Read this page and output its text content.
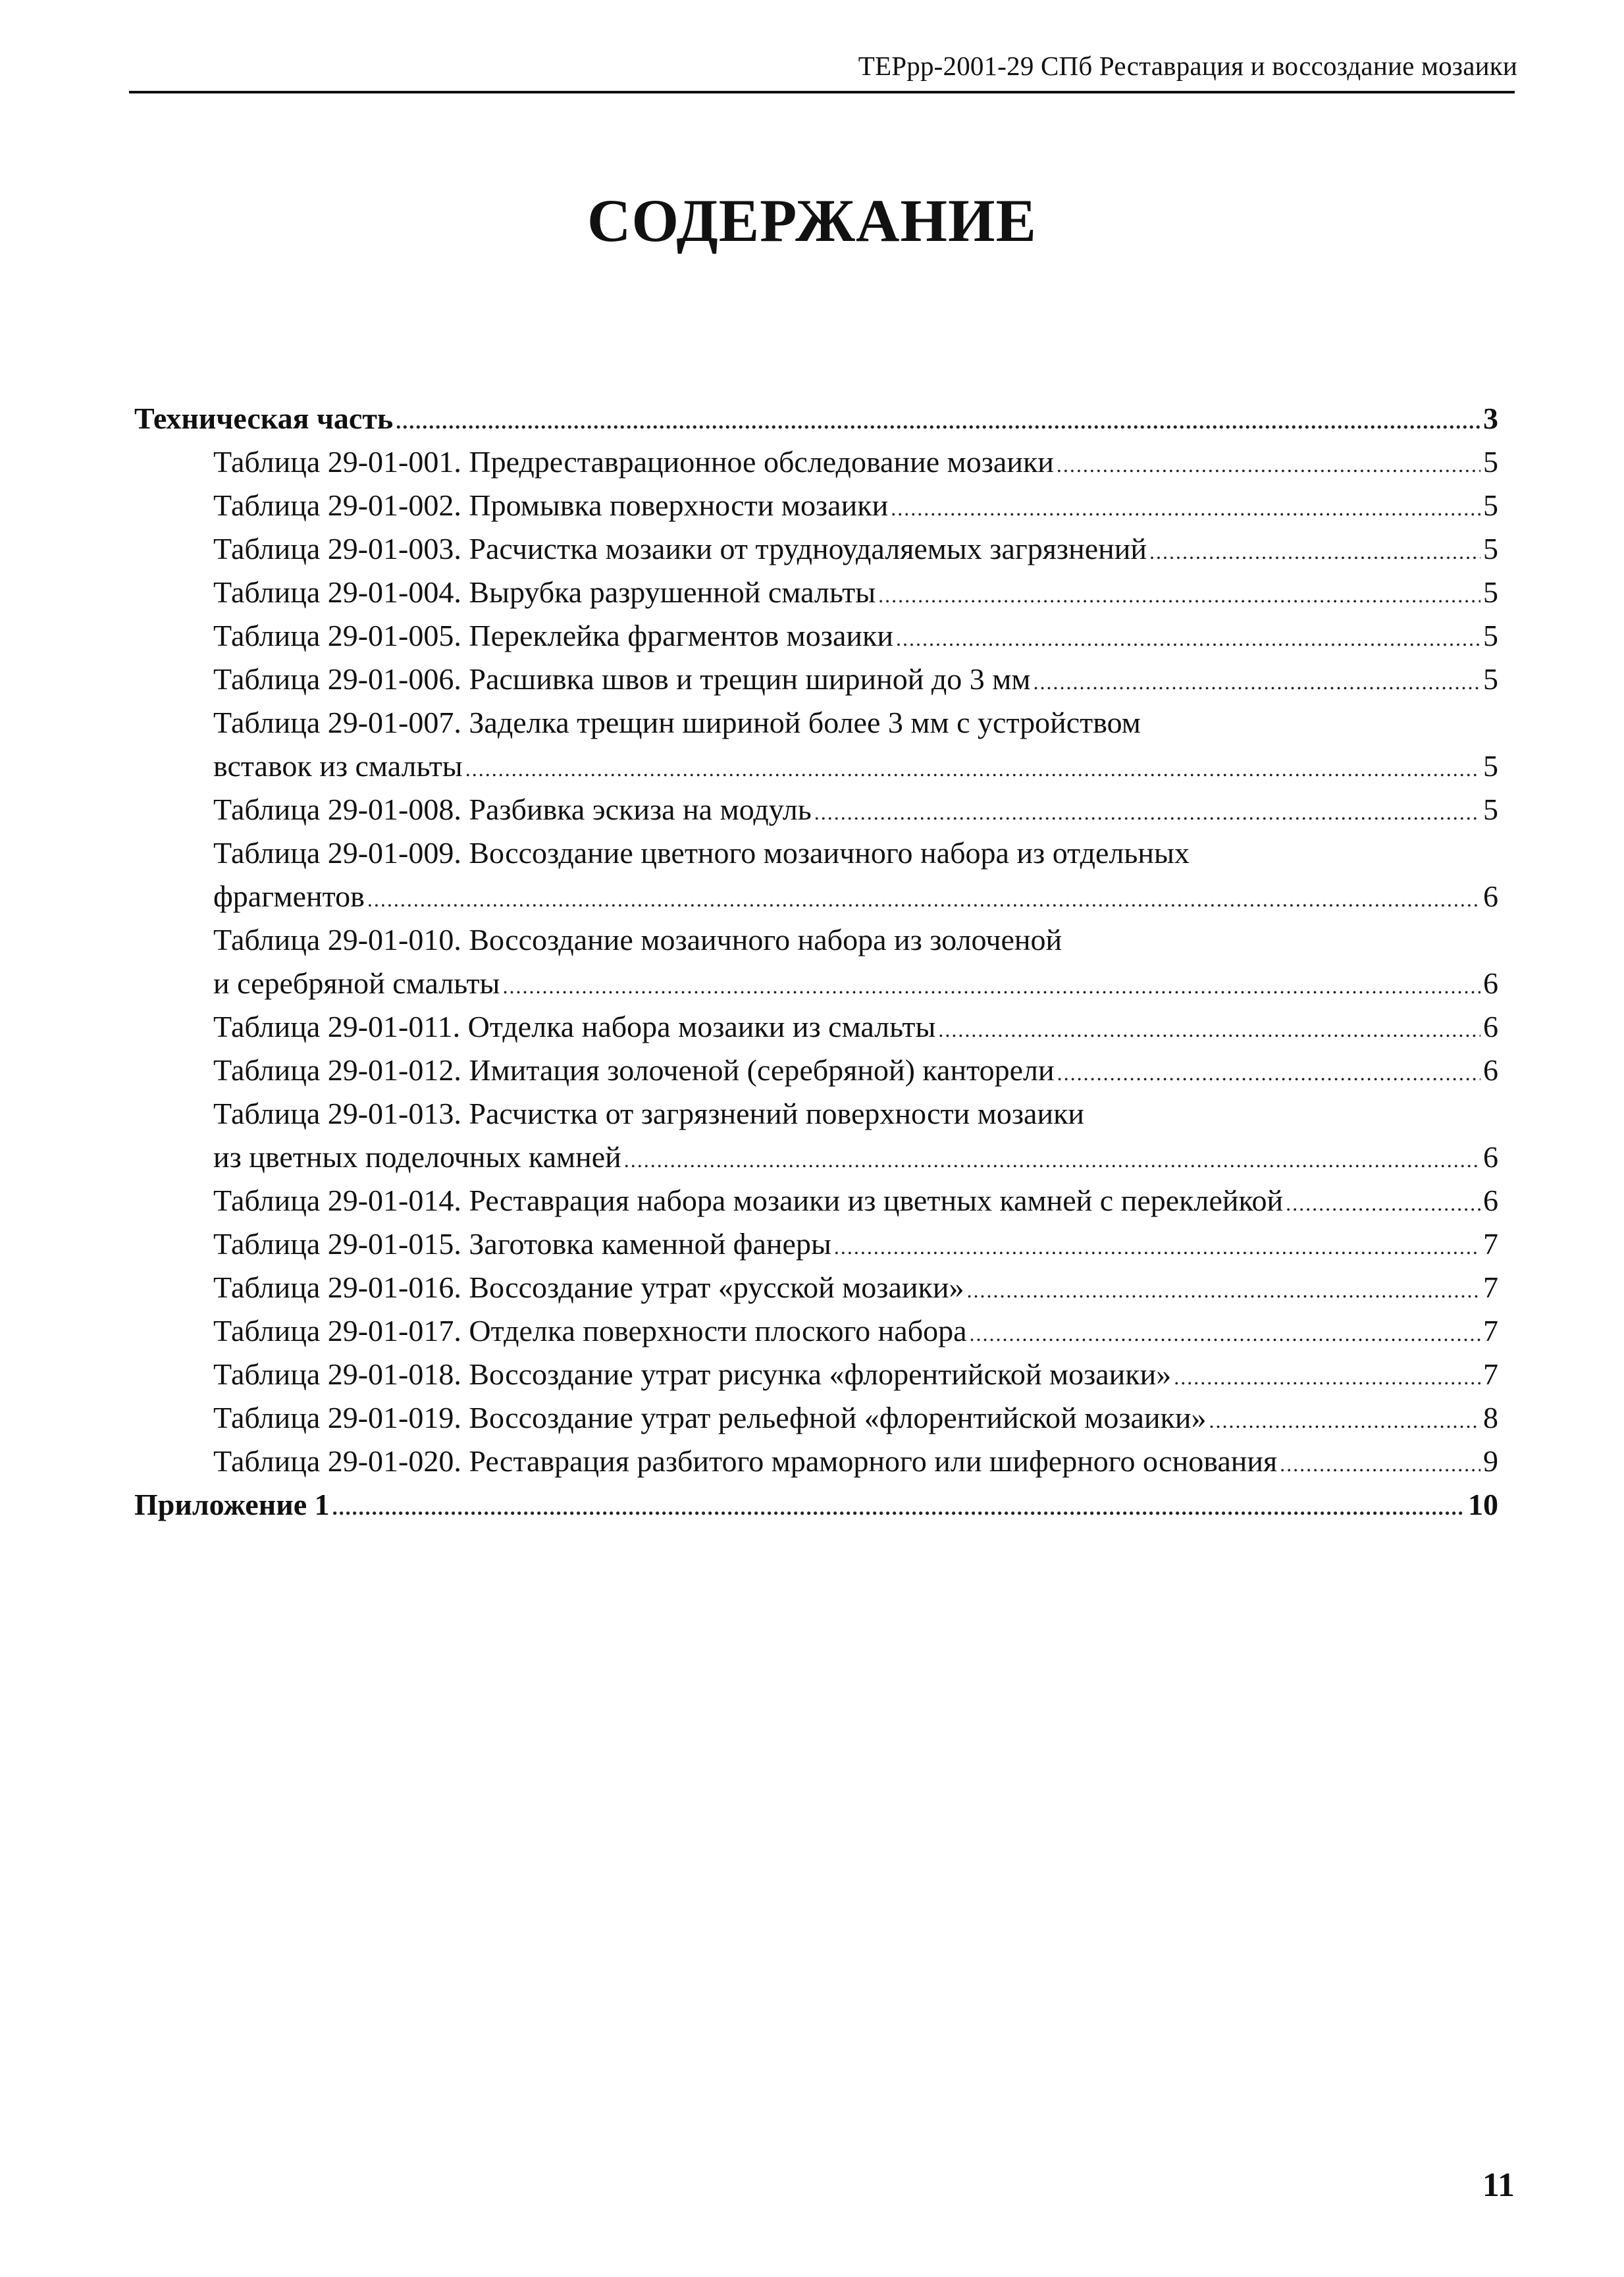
ТЕРрр-2001-29 СПб Реставрация и воссоздание мозаики
СОДЕРЖАНИЕ
Техническая часть .....	3
Таблица 29-01-001. Предреставрационное обследование мозаики .....	5
Таблица 29-01-002. Промывка поверхности мозаики .....	5
Таблица 29-01-003. Расчистка мозаики от трудноудаляемых загрязнений .....	5
Таблица 29-01-004. Вырубка разрушенной смальты .....	5
Таблица 29-01-005. Переклейка фрагментов мозаики .....	5
Таблица 29-01-006. Расшивка швов и трещин шириной до 3 мм .....	5
Таблица 29-01-007. Заделка трещин шириной более 3 мм с устройством
вставок из смальты .....	5
Таблица 29-01-008. Разбивка эскиза на модуль .....	5
Таблица 29-01-009. Воссоздание цветного мозаичного набора из отдельных
фрагментов .....	6
Таблица 29-01-010. Воссоздание мозаичного набора из золоченой
и серебряной смальты .....	6
Таблица 29-01-011. Отделка набора мозаики из смальты .....	6
Таблица 29-01-012. Имитация золоченой (серебряной) канторели .....	6
Таблица 29-01-013. Расчистка от загрязнений поверхности мозаики
из цветных поделочных камней .....	6
Таблица 29-01-014. Реставрация набора мозаики из цветных камней с переклейкой .....	6
Таблица 29-01-015. Заготовка каменной фанеры .....	7
Таблица 29-01-016. Воссоздание утрат «русской мозаики» .....	7
Таблица 29-01-017. Отделка поверхности плоского набора .....	7
Таблица 29-01-018. Воссоздание утрат рисунка «флорентийской мозаики» .....	7
Таблица 29-01-019. Воссоздание утрат рельефной «флорентийской мозаики» .....	8
Таблица 29-01-020. Реставрация разбитого мраморного или шиферного основания .....	9
Приложение 1 .....	10
11
